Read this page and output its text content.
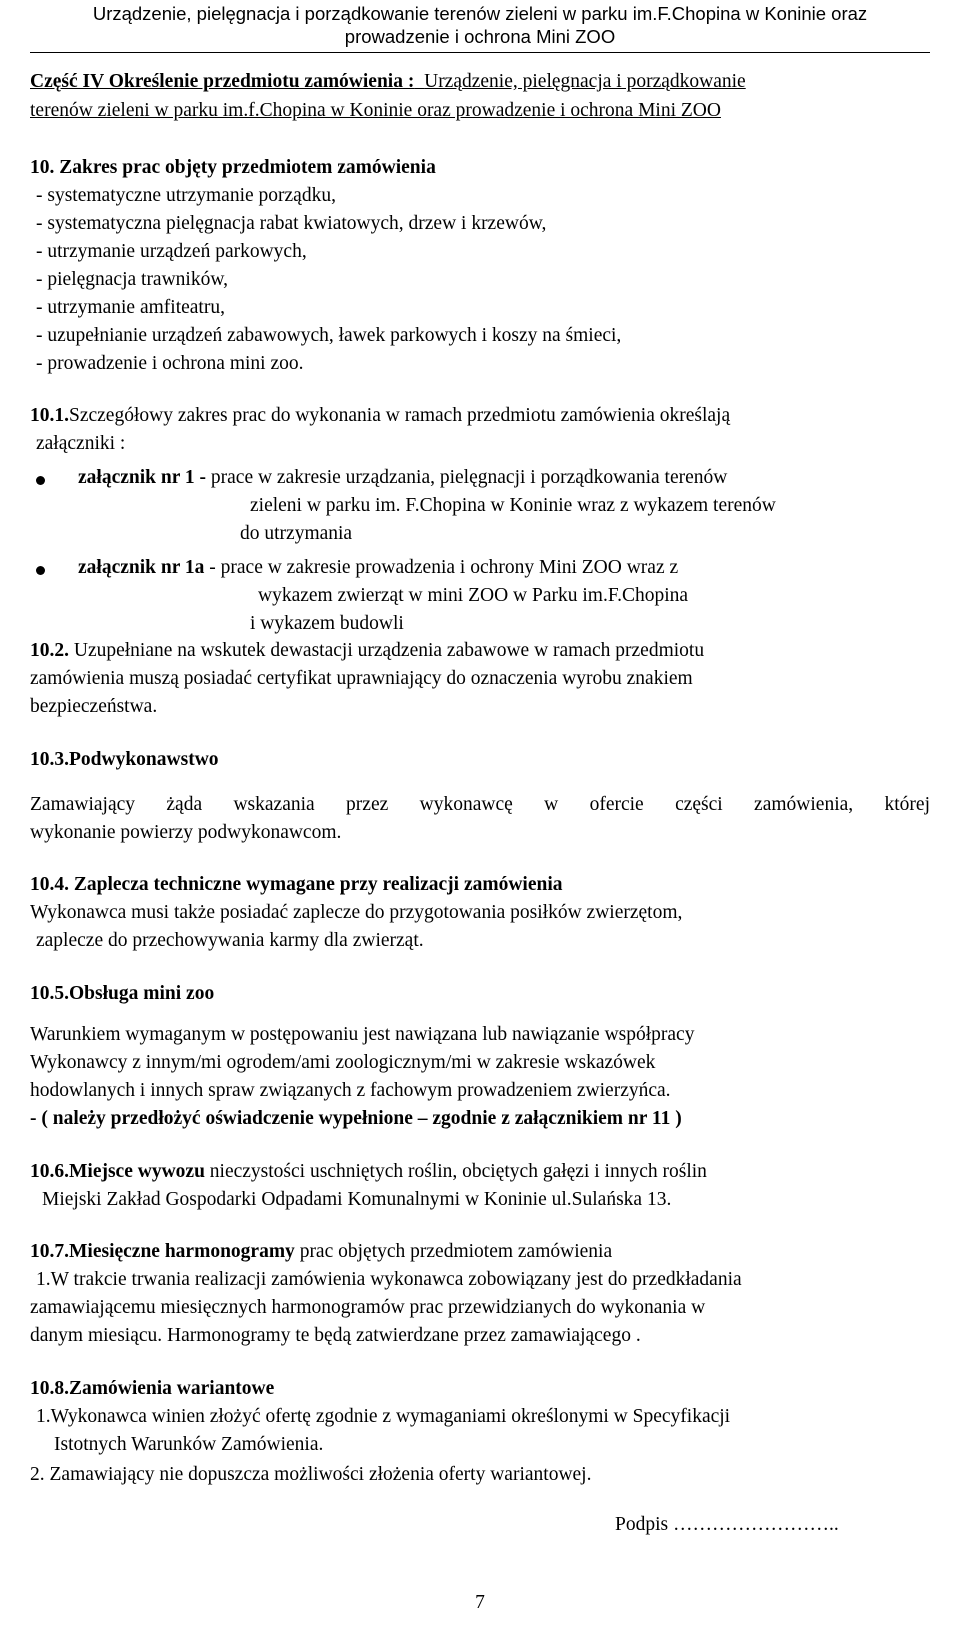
Urządzenie, pielęgnacja i porządkowanie terenów zieleni w parku im.F.Chopina w Koninie oraz
prowadzenie i ochrona Mini ZOO
Część IV Określenie przedmiotu zamówienia : Urządzenie, pielęgnacja i porządkowanie
terenów zieleni w parku im.f.Chopina w Koninie oraz prowadzenie i ochrona Mini ZOO
10. Zakres prac objęty przedmiotem zamówienia
- systematyczne utrzymanie porządku,
- systematyczna pielęgnacja rabat kwiatowych, drzew i krzewów,
- utrzymanie urządzeń parkowych,
- pielęgnacja trawników,
- utrzymanie amfiteatru,
- uzupełnianie urządzeń zabawowych, ławek parkowych i koszy na śmieci,
- prowadzenie i ochrona mini zoo.
10.1.Szczegółowy zakres prac do wykonania w ramach przedmiotu zamówienia określają
załączniki :
załącznik nr 1 - prace w zakresie urządzania, pielęgnacji i porządkowania terenów
zieleni w parku im. F.Chopina w Koninie wraz z wykazem terenów
do utrzymania
załącznik nr 1a - prace w zakresie prowadzenia i ochrony Mini ZOO wraz z
wykazem zwierząt w mini ZOO w Parku im.F.Chopina
i wykazem budowli
10.2. Uzupełniane na wskutek dewastacji urządzenia zabawowe w ramach przedmiotu
zamówienia muszą posiadać certyfikat uprawniający do oznaczenia wyrobu znakiem
bezpieczeństwa.
10.3.Podwykonawstwo
Zamawiający żąda wskazania przez wykonawcę w ofercie części zamówienia, której
wykonanie powierzy podwykonawcom.
10.4. Zaplecza techniczne wymagane przy realizacji zamówienia
Wykonawca musi także posiadać zaplecze do przygotowania posiłków zwierzętom,
zaplecze do przechowywania karmy dla zwierząt.
10.5.Obsługa mini zoo
Warunkiem wymaganym w postępowaniu jest nawiązana lub nawiązanie współpracy
Wykonawcy z innym/mi ogrodem/ami zoologicznym/mi w zakresie wskazówek
hodowlanych i innych spraw związanych z fachowym prowadzeniem zwierzyńca.
- ( należy przedłożyć oświadczenie wypełnione – zgodnie z załącznikiem nr 11 )
10.6.Miejsce wywozu nieczystości uschniętych roślin, obciętych gałęzi i innych roślin
Miejski Zakład Gospodarki Odpadami Komunalnymi w Koninie ul.Sulańska 13.
10.7.Miesięczne harmonogramy prac objętych przedmiotem zamówienia
1.W trakcie trwania realizacji zamówienia wykonawca zobowiązany jest do przedkładania
zamawiającemu miesięcznych harmonogramów prac przewidzianych do wykonania w
danym miesiącu. Harmonogramy te będą zatwierdzane przez zamawiającego .
10.8.Zamówienia wariantowe
1.Wykonawca winien złożyć ofertę zgodnie z wymaganiami określonymi w Specyfikacji
Istotnych Warunków Zamówienia.
2. Zamawiający nie dopuszcza możliwości złożenia oferty wariantowej.
Podpis ……………………..
7
